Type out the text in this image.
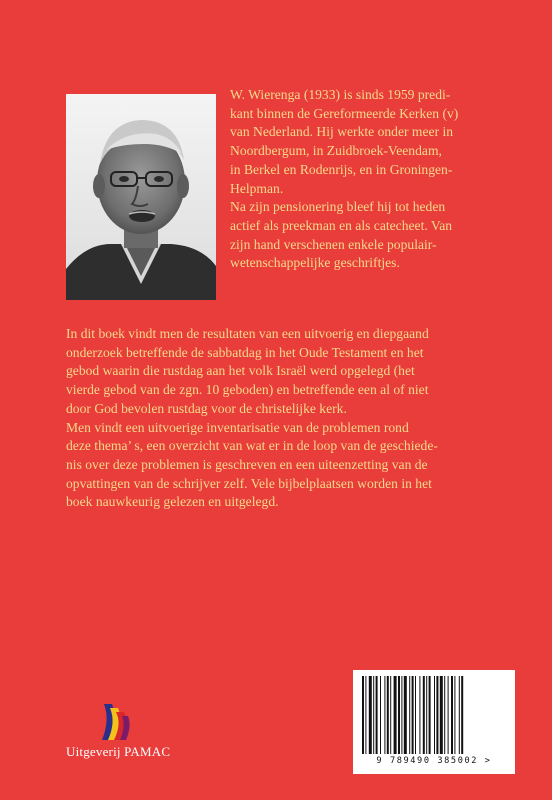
W. Wierenga (1933) is sinds 1959 predi-
kant binnen de Gereformeerde Kerken (v)
van Nederland. Hij werkte onder meer in
Noordbergum, in Zuidbroek-Veendam,
in Berkel en Rodenrijs, en in Groningen-
Helpman.

Na zijn pensionering bleef hij tot heden
actief als preekman en als catecheet. Van
zijn hand verschenen enkele populair-
wetenschappelijke geschriftjes.

In dit boek vindt men de resultaten van een uitvoerig en diepgaand
onderzoek betreffende de sabbatdag in het Oude Testament en het
gebod waarin die rustdag aan het volk Israël werd opgelegd (het
vierde gebod van de zgn. 10 geboden) en betreffende een al of niet
door God bevolen rustdag voor de christelijke kerk.

Men vindt een uitvoerige inventarisatie van de problemen rond
deze thema’ s, een overzicht van wat er in de loop van de geschiede-
nis over deze problemen is geschreven en een uiteenzetting van de
opvattingen van de schrijver zelf. Vele bijbelplaatsen worden in het
boek nauwkeurig gelezen en uitgelegd.

Uitgeverij PAMAC
9 789490 385002 >
